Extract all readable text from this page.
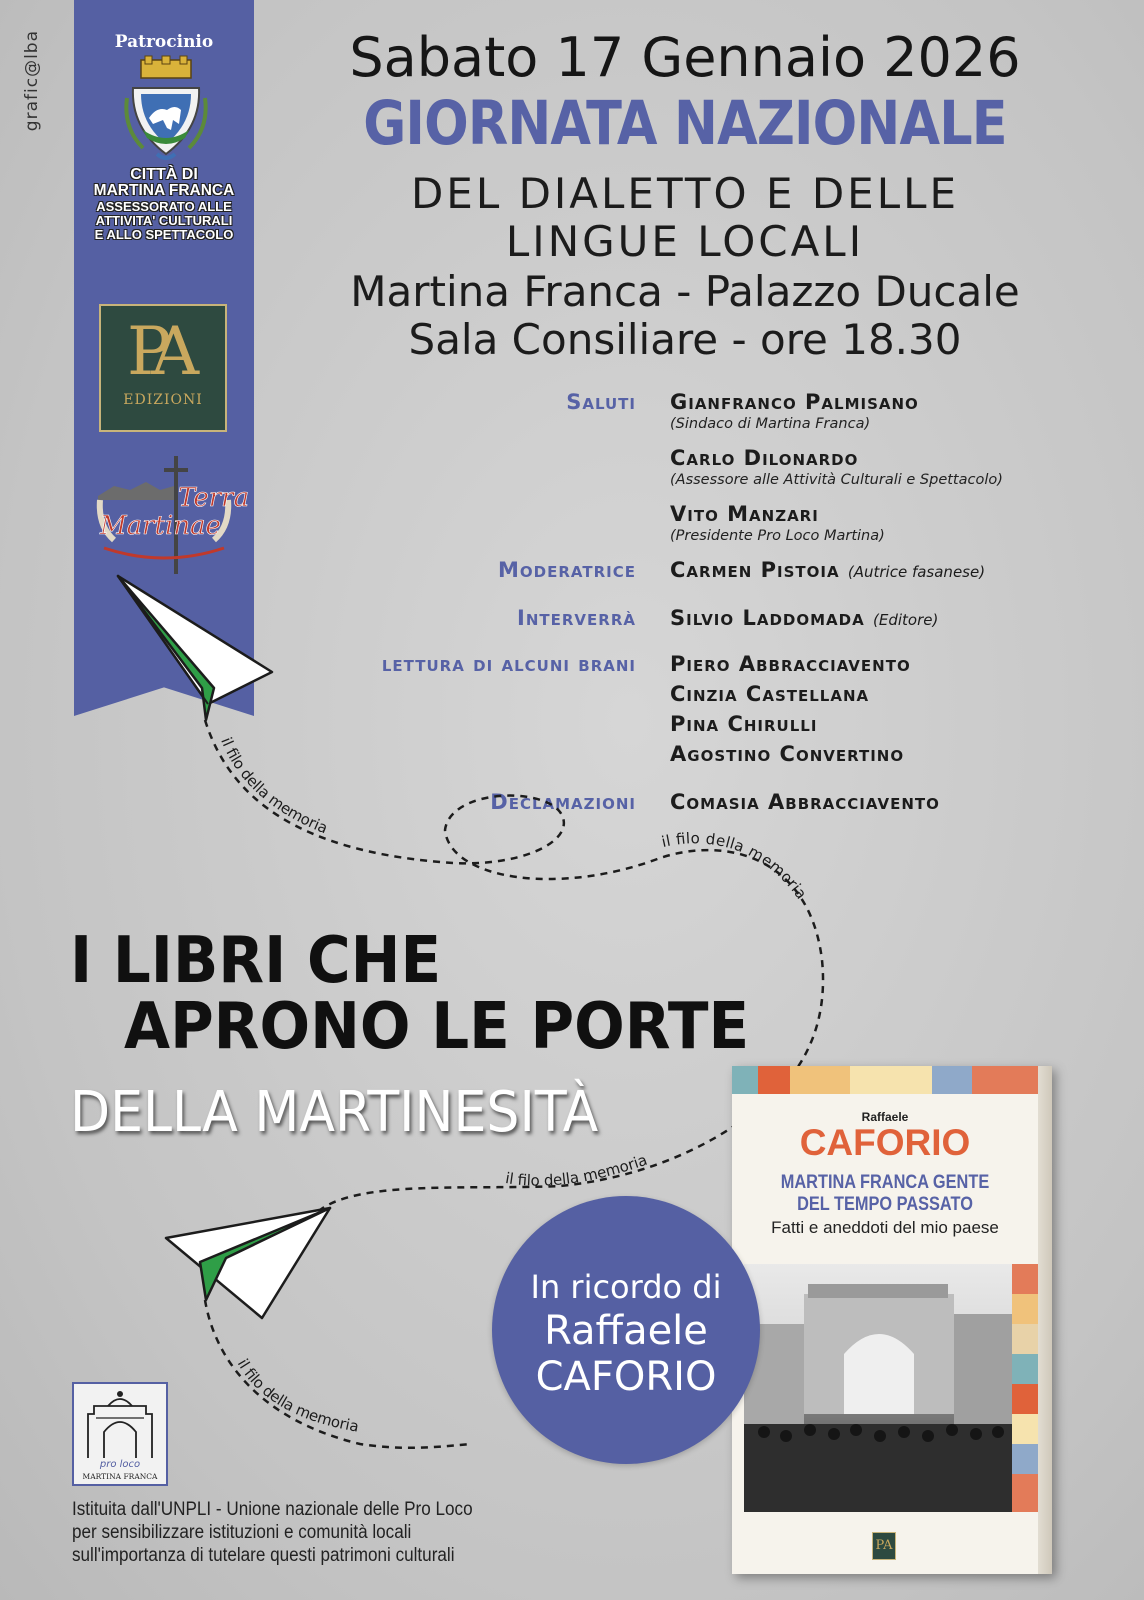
grafic@lba	Patrocinio
CITTÀ DI
MARTINA FRANCA
ASSESSORATO ALLE
ATTIVITA' CULTURALI
E ALLO SPETTACOLO
PA
EDIZIONI
Terra
Martinae
Sabato 17 Gennaio 2026
GIORNATA NAZIONALE
DEL DIALETTO E DELLE
LINGUE LOCALI
Martina Franca - Palazzo Ducale
Sala Consiliare - ore 18.30
Saluti Gianfranco Palmisano
(Sindaco di Martina Franca)
Carlo Dilonardo
(Assessore alle Attività Culturali e Spettacolo)
Vito Manzari
(Presidente Pro Loco Martina)
Moderatrice Carmen Pistoia (Autrice fasanese)
Interverrà Silvio Laddomada (Editore)
lettura di alcuni brani Piero Abbracciavento
Cinzia Castellana
Pina Chirulli
Agostino Convertino
Declamazioni Comasia Abbracciavento
il filo della memoria
il filo della memoria
il filo della memoria
il filo della memoria
I LIBRI CHE
APRONO LE PORTE
DELLA MARTINESITÀ	Raffaele
CAFORIO
MARTINA FRANCA GENTE
DEL TEMPO PASSATO
Fatti e aneddoti del mio paese
PA
In ricordo di
Raffaele
CAFORIO
pro loco
MARTINA FRANCA
Istituita dall'UNPLI - Unione nazionale delle Pro Loco
per sensibilizzare istituzioni e comunità locali
sull'importanza di tutelare questi patrimoni culturali
